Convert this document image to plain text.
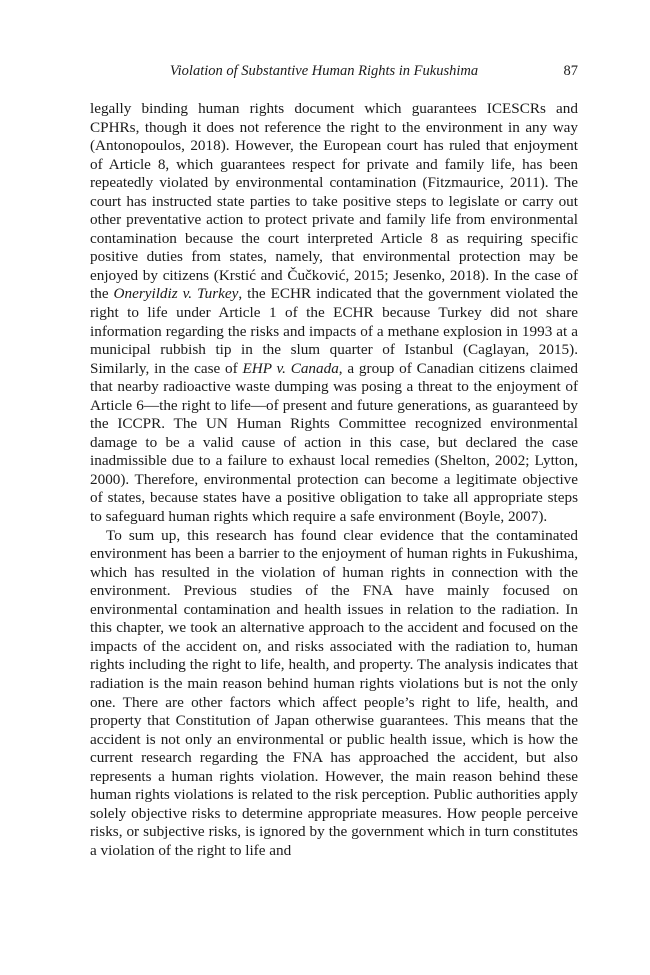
Violation of Substantive Human Rights in Fukushima	87

legally binding human rights document which guarantees ICESCRs and CPHRs, though it does not reference the right to the environment in any way (Antonopoulos, 2018). However, the European court has ruled that enjoyment of Article 8, which guarantees respect for private and family life, has been repeatedly violated by environmental contamination (Fitzmaurice, 2011). The court has instructed state parties to take positive steps to legislate or carry out other preventative action to protect private and family life from environmental contamination because the court interpreted Article 8 as requiring specific positive duties from states, namely, that environmental protection may be enjoyed by citizens (Krstić and Čučković, 2015; Jesenko, 2018). In the case of the Oneryildiz v. Turkey, the ECHR indicated that the government violated the right to life under Article 1 of the ECHR because Turkey did not share information regarding the risks and impacts of a methane explosion in 1993 at a municipal rubbish tip in the slum quarter of Istanbul (Caglayan, 2015). Similarly, in the case of EHP v. Canada, a group of Canadian citizens claimed that nearby radioactive waste dumping was posing a threat to the enjoyment of Article 6—the right to life—of present and future generations, as guaranteed by the ICCPR. The UN Human Rights Committee recognized environmental damage to be a valid cause of action in this case, but declared the case inadmissible due to a failure to exhaust local remedies (Shelton, 2002; Lytton, 2000). Therefore, environmental protection can become a legitimate objective of states, because states have a positive obligation to take all appropriate steps to safeguard human rights which require a safe environment (Boyle, 2007).

To sum up, this research has found clear evidence that the contaminated environment has been a barrier to the enjoyment of human rights in Fukushima, which has resulted in the violation of human rights in connection with the environment. Previous studies of the FNA have mainly focused on environmental contamination and health issues in relation to the radiation. In this chapter, we took an alternative approach to the accident and focused on the impacts of the accident on, and risks associated with the radiation to, human rights including the right to life, health, and property. The analysis indicates that radiation is the main reason behind human rights violations but is not the only one. There are other factors which affect people’s right to life, health, and property that Constitution of Japan otherwise guarantees. This means that the accident is not only an environmental or public health issue, which is how the current research regarding the FNA has approached the accident, but also represents a human rights violation. However, the main reason behind these human rights violations is related to the risk perception. Public authorities apply solely objective risks to determine appropriate measures. How people perceive risks, or subjective risks, is ignored by the government which in turn constitutes a violation of the right to life and
